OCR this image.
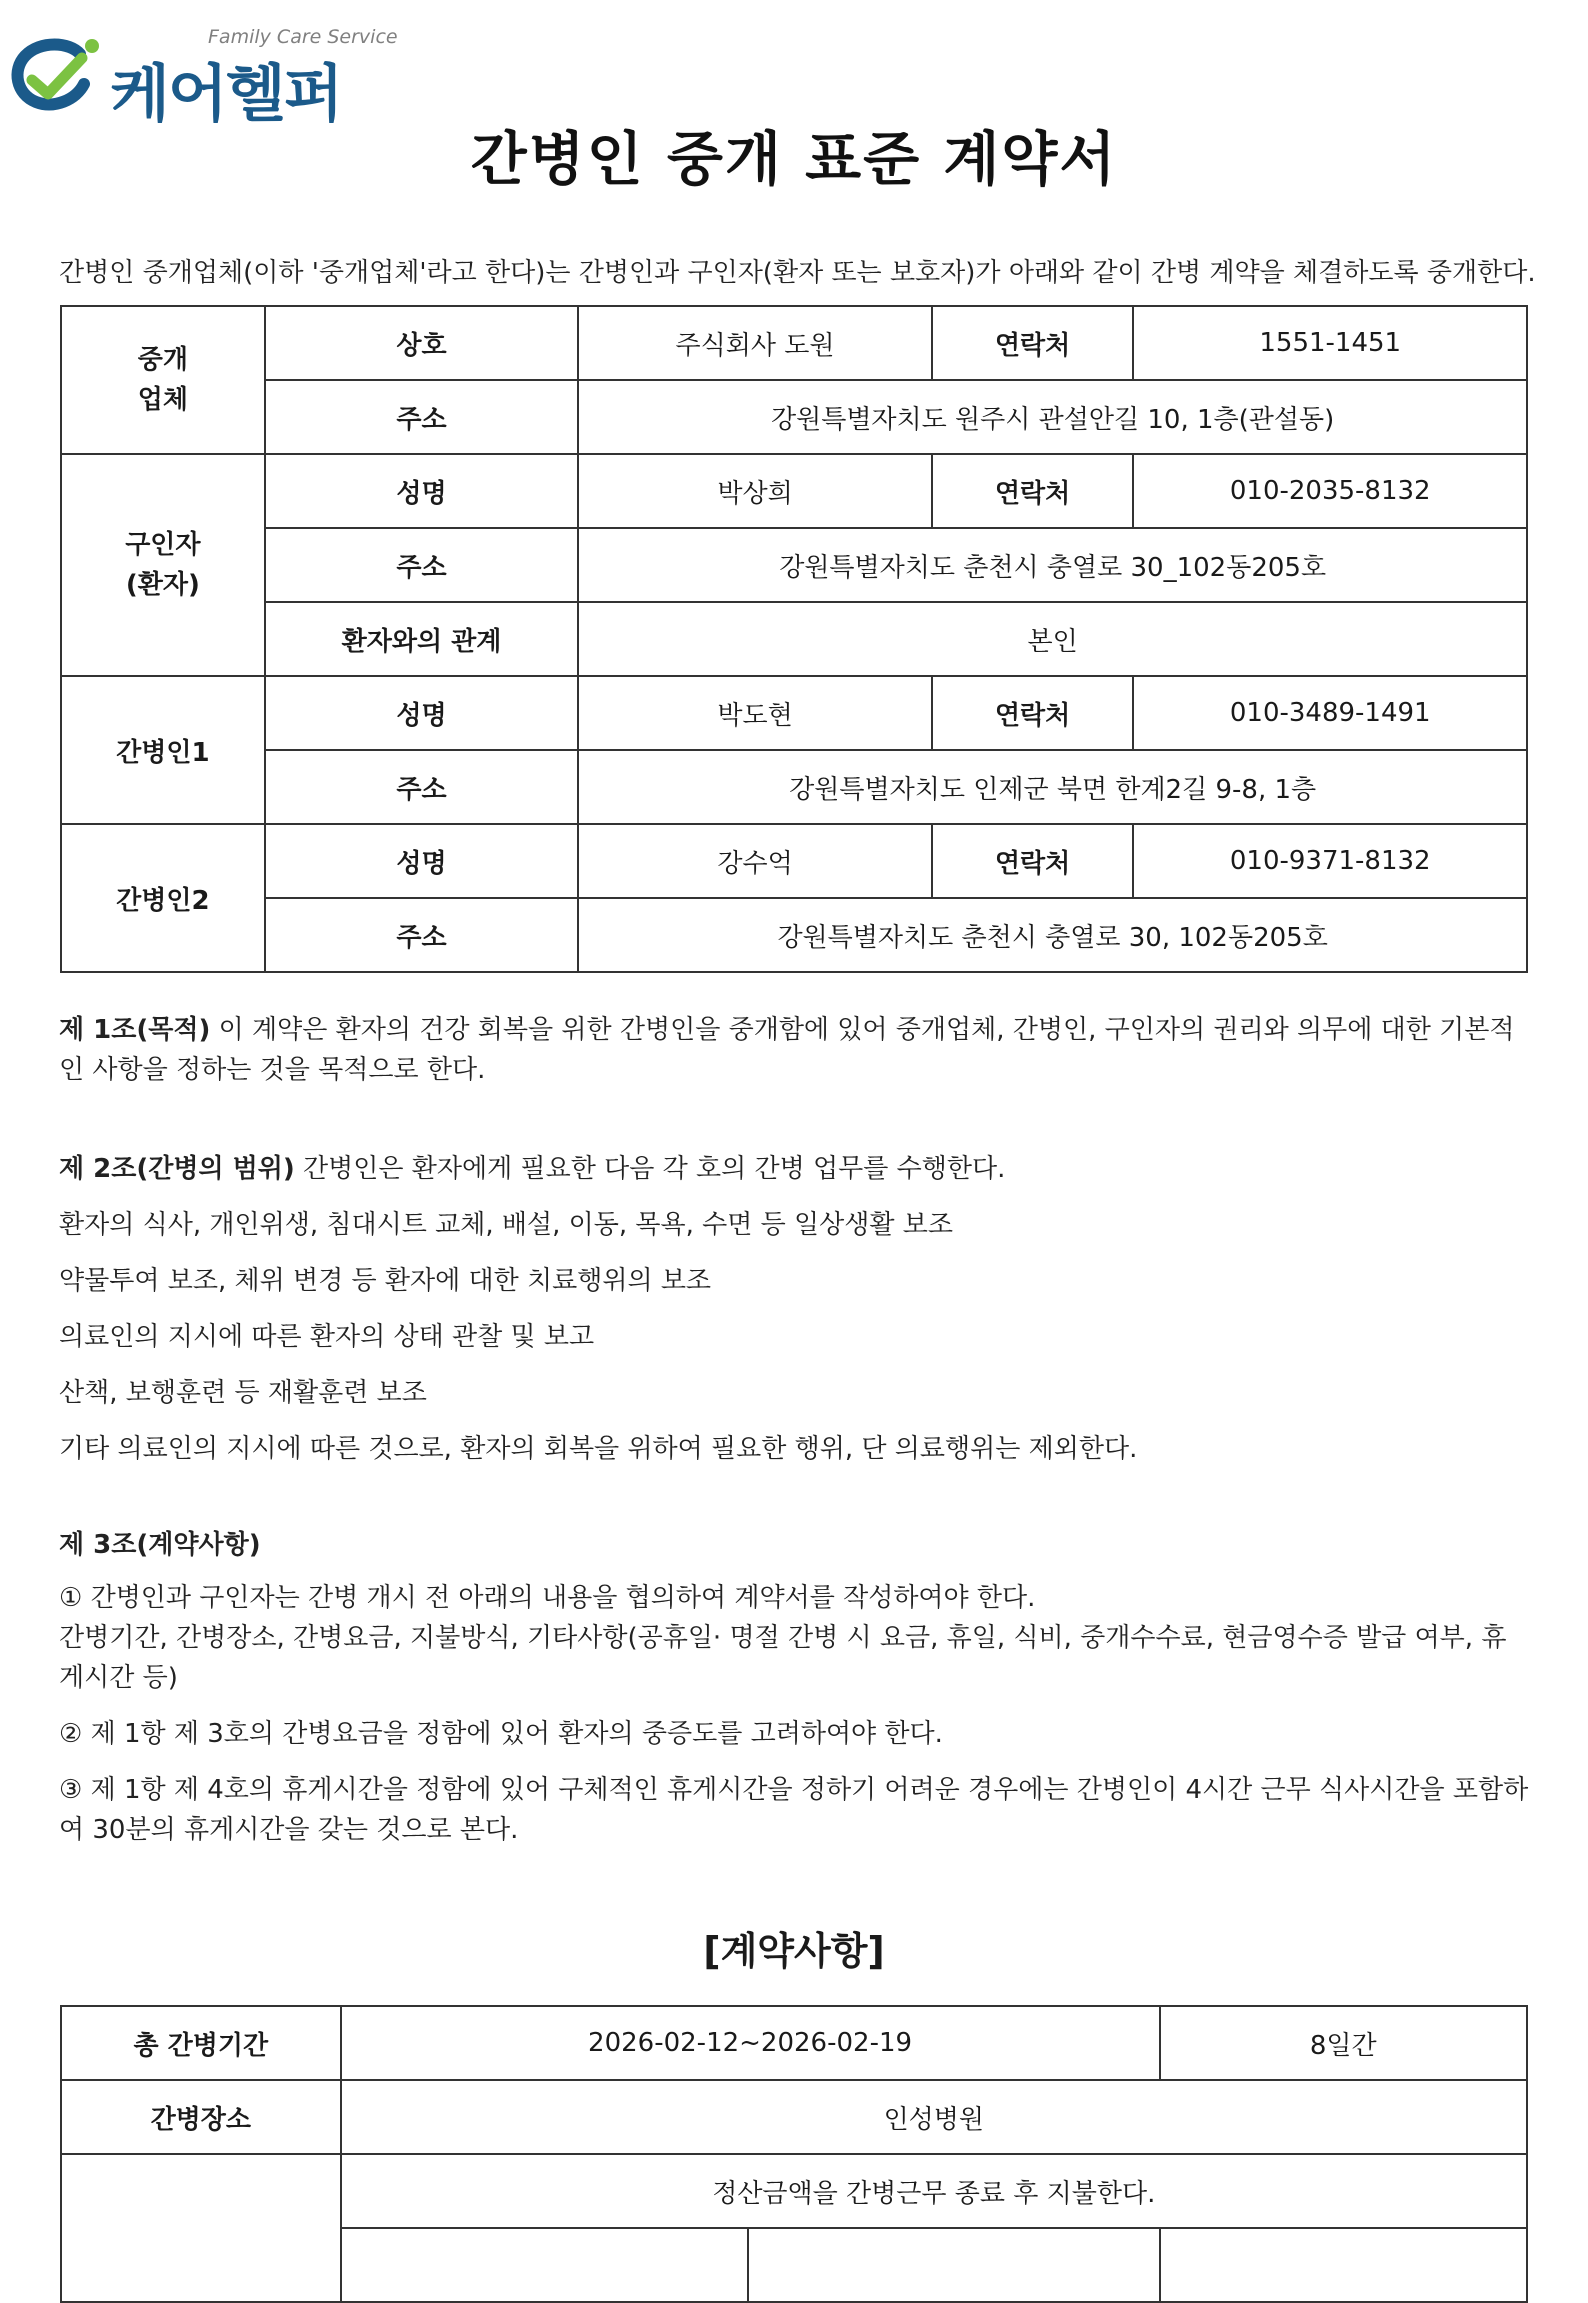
Family Care Service
케어헬퍼
간병인 중개 표준 계약서
간병인 중개업체(이하 '중개업체'라고 한다)는 간병인과 구인자(환자 또는 보호자)가 아래와 같이 간병 계약을 체결하도록 중개한다.
중개
업체	상호	주식회사 도원	연락처	1551-1451
	주소	강원특별자치도 원주시 관설안길 10, 1층(관설동)		
구인자
(환자)	성명	박상희	연락처	010-2035-8132
	주소	강원특별자치도 춘천시 충열로 30_102동205호		
	환자와의 관계	본인		
간병인1	성명	박도현	연락처	010-3489-1491
	주소	강원특별자치도 인제군 북면 한계2길 9-8, 1층		
간병인2	성명	강수억	연락처	010-9371-8132
	주소	강원특별자치도 춘천시 충열로 30, 102동205호		
제 1조(목적) 이 계약은 환자의 건강 회복을 위한 간병인을 중개함에 있어 중개업체, 간병인, 구인자의 권리와 의무에 대한 기본적인 사항을 정하는 것을 목적으로 한다.
제 2조(간병의 범위) 간병인은 환자에게 필요한 다음 각 호의 간병 업무를 수행한다.
환자의 식사, 개인위생, 침대시트 교체, 배설, 이동, 목욕, 수면 등 일상생활 보조
약물투여 보조, 체위 변경 등 환자에 대한 치료행위의 보조
의료인의 지시에 따른 환자의 상태 관찰 및 보고
산책, 보행훈련 등 재활훈련 보조
기타 의료인의 지시에 따른 것으로, 환자의 회복을 위하여 필요한 행위, 단 의료행위는 제외한다.
제 3조(계약사항)
① 간병인과 구인자는 간병 개시 전 아래의 내용을 협의하여 계약서를 작성하여야 한다.
간병기간, 간병장소, 간병요금, 지불방식, 기타사항(공휴일· 명절 간병 시 요금, 휴일, 식비, 중개수수료, 현금영수증 발급 여부, 휴게시간 등)
② 제 1항 제 3호의 간병요금을 정함에 있어 환자의 중증도를 고려하여야 한다.
③ 제 1항 제 4호의 휴게시간을 정함에 있어 구체적인 휴게시간을 정하기 어려운 경우에는 간병인이 4시간 근무 식사시간을 포함하여 30분의 휴게시간을 갖는 것으로 본다.
[계약사항]
총 간병기간	2026-02-12~2026-02-19		8일간
간병장소	인성병원		
	정산금액을 간병근무 종료 후 지불한다.		
